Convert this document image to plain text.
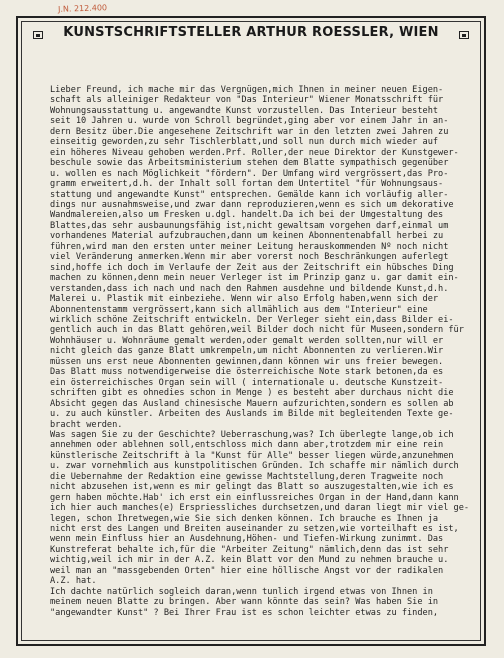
J.N. 212.400
KUNSTSCHRIFTSTELLER ARTHUR ROESSLER, WIEN
Lieber Freund, ich mache mir das Vergnügen,mich Ihnen in meiner neuen Eigen-
schaft als alleiniger Redakteur von "Das Interieur" Wiener Monatsschrift für
Wohnungsausstattung u. angewandte Kunst vorzustellen. Das Interieur besteht
seit 10 Jahren u. wurde von Schroll begründet,ging aber vor einem Jahr in an-
dern Besitz über.Die angesehene Zeitschrift war in den letzten zwei Jahren zu
einseitig geworden,zu sehr Tischlerblatt,und soll nun durch mich wieder auf
ein höheres Niveau gehoben werden.Prf. Roller,der neue Direktor der Kunstgewer-
beschule sowie das Arbeitsministerium stehen dem Blatte sympathisch gegenüber
u. wollen es nach Möglichkeit "fördern". Der Umfang wird vergrössert,das Pro-
gramm erweitert,d.h. der Inhalt soll fortan dem Untertitel "für Wohnungsaus-
stattung und angewandte Kunst" entsprechen. Gemälde kann ich vorläufig aller-
dings nur ausnahmsweise,und zwar dann reproduzieren,wenn es sich um dekorative
Wandmalereien,also um Fresken u.dgl. handelt.Da ich bei der Umgestaltung des
Blattes,das sehr ausbaunungsfähig ist,nicht gewaltsam vorgehen darf,einmal um
vorhandenes Material aufzubrauchen,dann um keinen Abonnentenabfall herbei zu
führen,wird man den ersten unter meiner Leitung herauskommenden Nº noch nicht
viel Veränderung anmerken.Wenn mir aber vorerst noch Beschränkungen auferlegt
sind,hoffe ich doch im Verlaufe der Zeit aus der Zeitschrift ein hübsches Ding
machen zu können,denn mein neuer Verleger ist im Prinzip ganz u. gar damit ein-
verstanden,dass ich nach und nach den Rahmen ausdehne und bildende Kunst,d.h.
Malerei u. Plastik mit einbeziehe. Wenn wir also Erfolg haben,wenn sich der
Abonnentenstamm vergrössert,kann sich allmählich aus dem "Interieur" eine
wirklich schöne Zeitschrift entwickeln. Der Verleger sieht ein,dass Bilder ei-
gentlich auch in das Blatt gehören,weil Bilder doch nicht für Museen,sondern für
Wohnhäuser u. Wohnräume gemalt werden,oder gemalt werden sollten,nur will er
nicht gleich das ganze Blatt umkrempeln,um nicht Abonnenten zu verlieren.Wir
müssen uns erst neue Abonnenten gewinnen,dann können wir uns freier bewegen.
Das Blatt muss notwendigerweise die österreichische Note stark betonen,da es
ein österreichisches Organ sein will ( internationale u. deutsche Kunstzeit-
schriften gibt es ohnedies schon in Menge ) es besteht aber durchaus nicht die
Absicht gegen das Ausland chinesische Mauern aufzurichten,sondern es sollen ab
u. zu auch künstler. Arbeiten des Auslands im Bilde mit begleitenden Texte ge-
bracht werden.
Was sagen Sie zu der Geschichte? Ueberraschung,was? Ich überlegte lange,ob ich
annehmen oder ablehnen soll,entschloss mich dann aber,trotzdem mir eine rein
künstlerische Zeitschrift à la "Kunst für Alle" besser liegen würde,anzunehmen
u. zwar vornehmlich aus kunstpolitischen Gründen. Ich schaffe mir nämlich durch
die Uebernahme der Redaktion eine gewisse Machtstellung,deren Tragweite noch
nicht abzusehen ist,wenn es mir gelingt das Blatt so auszugestalten,wie ich es
gern haben möchte.Hab' ich erst ein einflussreiches Organ in der Hand,dann kann
ich hier auch manches(e) Erspriessliches durchsetzen,und daran liegt mir viel ge-
legen, schon Ihretwegen,wie Sie sich denken können. Ich brauche es Ihnen ja
nicht erst des Langen und Breiten auseinander zu setzen,wie vorteilhaft es ist,
wenn mein Einfluss hier an Ausdehnung,Höhen- und Tiefen-Wirkung zunimmt. Das
Kunstreferat behalte ich,für die "Arbeiter Zeitung" nämlich,denn das ist sehr
wichtig,weil ich mir in der A.Z. kein Blatt vor den Mund zu nehmen brauche u.
weil man an "massgebenden Orten" hier eine höllische Angst vor der radikalen
A.Z. hat.
Ich dachte natürlich sogleich daran,wenn tunlich irgend etwas von Ihnen in
meinem neuen Blatte zu bringen. Aber wann könnte das sein? Was haben Sie in
"angewandter Kunst" ? Bei Ihrer Frau ist es schon leichter etwas zu finden,
